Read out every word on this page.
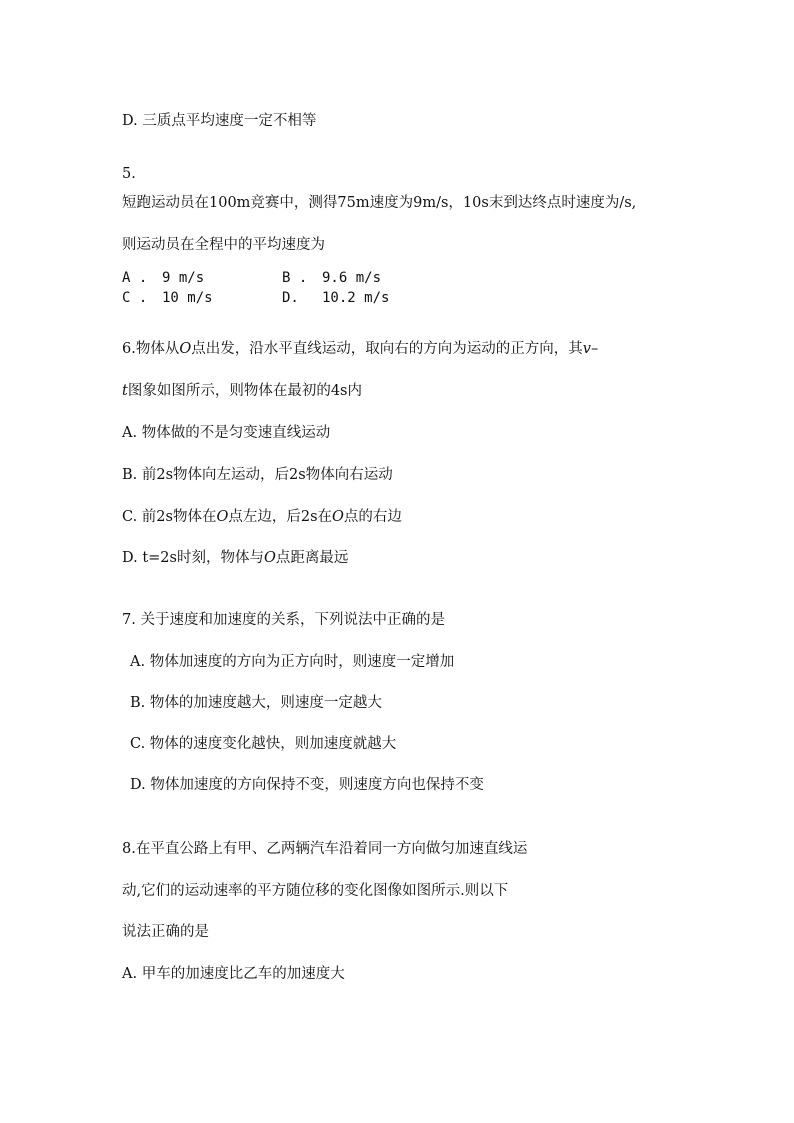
D. 三质点平均速度一定不相等
5.
短跑运动员在100m竞赛中，测得75m速度为9m/s，10s末到达终点时速度为/s,
则运动员在全程中的平均速度为
A . 9 m/s	B . 9.6 m/s
C . 10 m/s	D. 10.2 m/s
6.物体从O点出发，沿水平直线运动，取向右的方向为运动的正方向，其v–
t图象如图所示，则物体在最初的4s内
A. 物体做的不是匀变速直线运动
B. 前2s物体向左运动，后2s物体向右运动
C. 前2s物体在O点左边，后2s在O点的右边
D. t=2s时刻，物体与O点距离最远
7. 关于速度和加速度的关系，下列说法中正确的是
A. 物体加速度的方向为正方向时，则速度一定增加
B. 物体的加速度越大，则速度一定越大
C. 物体的速度变化越快，则加速度就越大
D. 物体加速度的方向保持不变，则速度方向也保持不变
8.在平直公路上有甲、乙两辆汽车沿着同一方向做匀加速直线运
动,它们的运动速率的平方随位移的变化图像如图所示.则以下
说法正确的是
A. 甲车的加速度比乙车的加速度大
